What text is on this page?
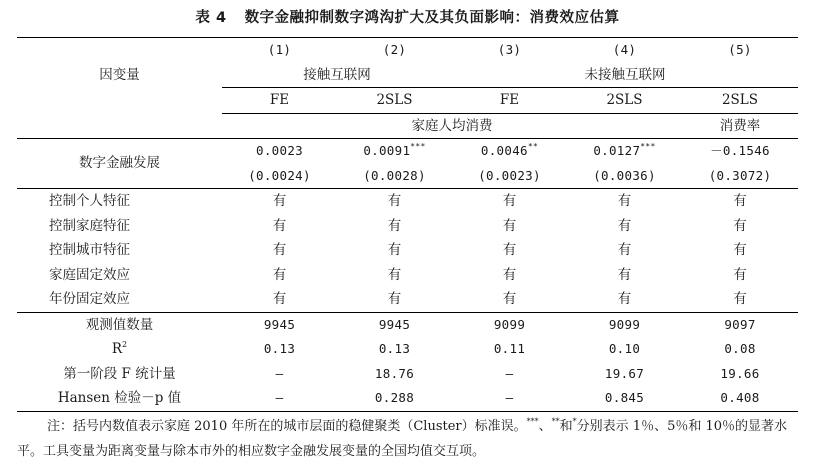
表 4 数字金融抑制数字鸿沟扩大及其负面影响：消费效应估算
因变量	(1)	(2)	(3)	(4)	(5)
	接触互联网		未接触互联网		
	FE	2SLS	FE	2SLS	2SLS
	家庭人均消费				消费率
数字金融发展	0.0023	0.0091***	0.0046**	0.0127***	－0.1546
	(0.0024)	(0.0028)	(0.0023)	(0.0036)	(0.3072)
控制个人特征	有	有	有	有	有
控制家庭特征	有	有	有	有	有
控制城市特征	有	有	有	有	有
家庭固定效应	有	有	有	有	有
年份固定效应	有	有	有	有	有
观测值数量	9945	9945	9099	9099	9097
$R^2$	0.13	0.13	0.11	0.10	0.08
第一阶段 F 统计量	—	18.76	—	19.67	19.66
Hansen 检验－p 值	—	0.288	—	0.845	0.408
注：括号内数值表示家庭 2010 年所在的城市层面的稳健聚类（Cluster）标准误。***、**和*分别表示 1％、5％和 10％的显著水平。工具变量为距离变量与除本市外的相应数字金融发展变量的全国均值交互项。
